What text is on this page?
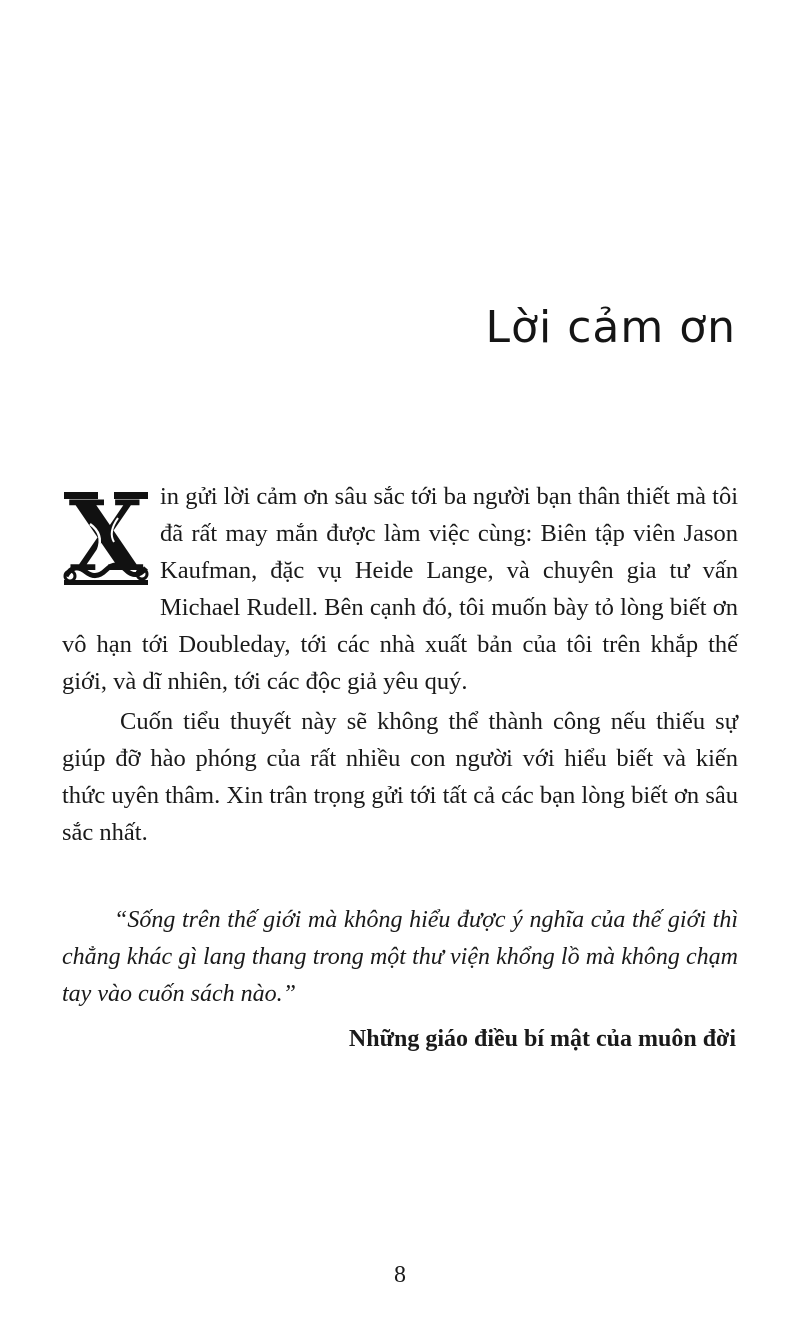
Lời cảm ơn

X in gửi lời cảm ơn sâu sắc tới ba người bạn thân thiết mà tôi đã rất may mắn được làm việc cùng: Biên tập viên Jason Kaufman, đặc vụ Heide Lange, và chuyên gia tư vấn Michael Rudell. Bên cạnh đó, tôi muốn bày tỏ lòng biết ơn vô hạn tới Doubleday, tới các nhà xuất bản của tôi trên khắp thế giới, và dĩ nhiên, tới các độc giả yêu quý.

Cuốn tiểu thuyết này sẽ không thể thành công nếu thiếu sự giúp đỡ hào phóng của rất nhiều con người với hiểu biết và kiến thức uyên thâm. Xin trân trọng gửi tới tất cả các bạn lòng biết ơn sâu sắc nhất.

“Sống trên thế giới mà không hiểu được ý nghĩa của thế giới thì chẳng khác gì lang thang trong một thư viện khổng lồ mà không chạm tay vào cuốn sách nào.”

Những giáo điều bí mật của muôn đời

8
